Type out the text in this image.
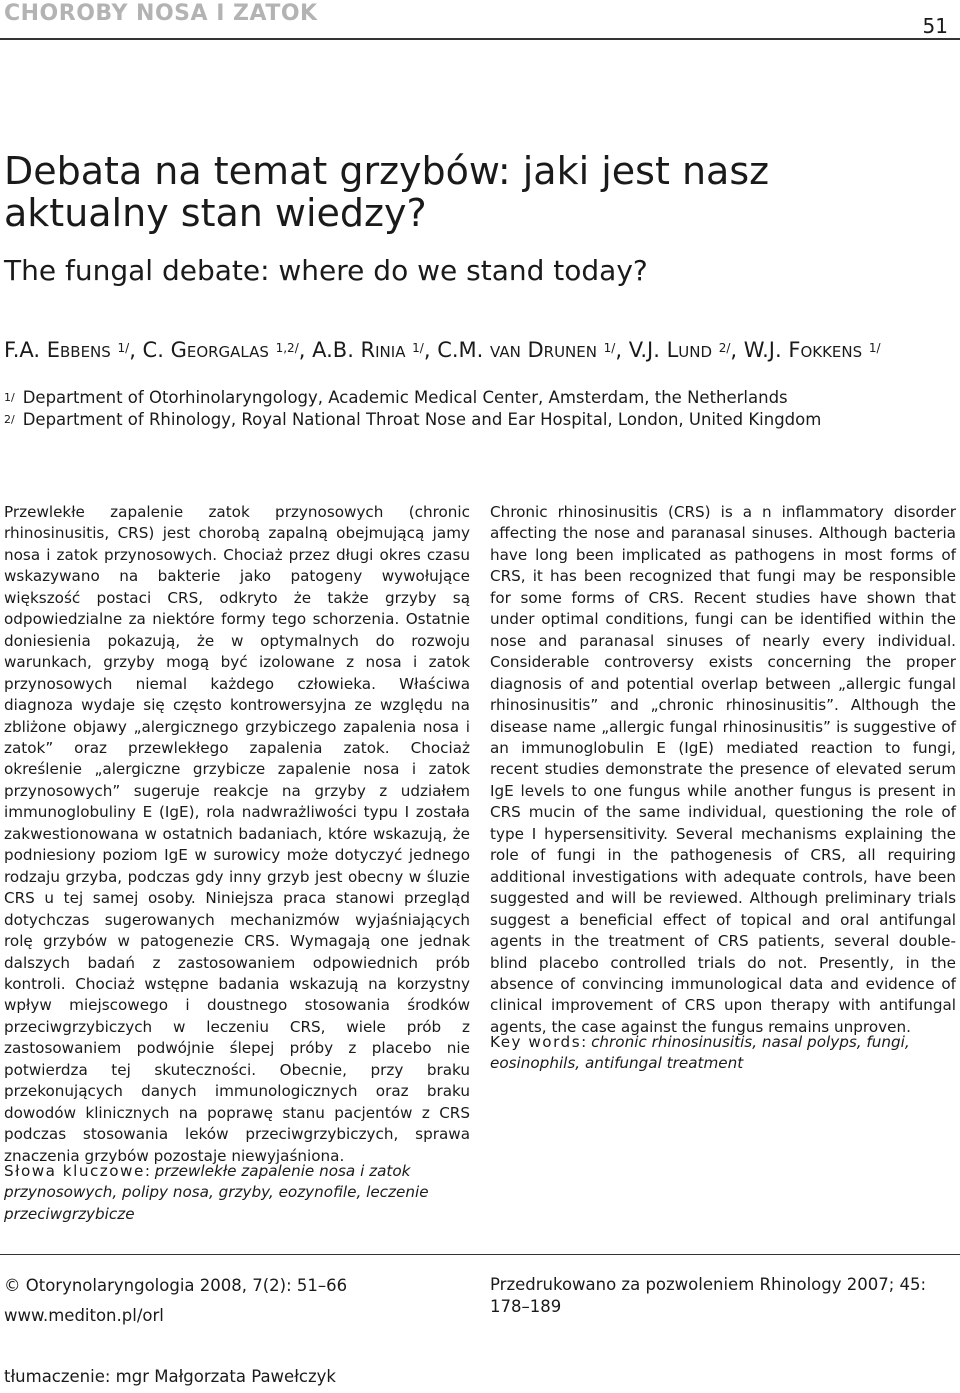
CHOROBY NOSA I ZATOK	51
Debata na temat grzybów: jaki jest nasz aktualny stan wiedzy?
The fungal debate: where do we stand today?
F.A. Ebbens $^{1/}$, C. Georgalas $^{1,2/}$, A.B. Rinia $^{1/}$, C.M. van Drunen $^{1/}$, V.J. Lund $^{2/}$, W.J. Fokkens $^{1/}$
$^{1/}$ Department of Otorhinolaryngology, Academic Medical Center, Amsterdam, the Netherlands
$^{2/}$ Department of Rhinology, Royal National Throat Nose and Ear Hospital, London, United Kingdom

Przewlekłe zapalenie zatok przynosowych (chronic rhinosinusitis, CRS) jest chorobą zapalną obejmującą jamy nosa i zatok przynosowych. Chociaż przez długi okres czasu wskazywano na bakterie jako patogeny wywołujące większość postaci CRS, odkryto że także grzyby są odpowiedzialne za niektóre formy tego schorzenia. Ostatnie doniesienia pokazują, że w optymalnych do rozwoju warunkach, grzyby mogą być izolowane z nosa i zatok przynosowych niemal każdego człowieka. Właściwa diagnoza wydaje się często kontrowersyjna ze względu na zbliżone objawy „alergicznego grzybiczego zapalenia nosa i zatok” oraz przewlekłego zapalenia zatok. Chociaż określenie „alergiczne grzybicze zapalenie nosa i zatok przynosowych” sugeruje reakcje na grzyby z udziałem immunoglobuliny E (IgE), rola nadwrażliwości typu I została zakwestionowana w ostatnich badaniach, które wskazują, że podniesiony poziom IgE w surowicy może dotyczyć jednego rodzaju grzyba, podczas gdy inny grzyb jest obecny w śluzie CRS u tej samej osoby. Niniejsza praca stanowi przegląd dotychczas sugerowanych mechanizmów wyjaśniających rolę grzybów w patogenezie CRS. Wymagają one jednak dalszych badań z zastosowaniem odpowiednich prób kontroli. Chociaż wstępne badania wskazują na korzystny wpływ miejscowego i doustnego stosowania środków przeciwgrzybiczych w leczeniu CRS, wiele prób z zastosowaniem podwójnie ślepej próby z placebo nie potwierdza tej skuteczności. Obecnie, przy braku przekonujących danych immunologicznych oraz braku dowodów klinicznych na poprawę stanu pacjentów z CRS podczas stosowania leków przeciwgrzybiczych, sprawa znaczenia grzybów pozostaje niewyjaśniona.

Słowa kluczowe: przewlekłe zapalenie nosa i zatok przynosowych, polipy nosa, grzyby, eozynofile, leczenie przeciwgrzybicze

Chronic rhinosinusitis (CRS) is a n inflammatory disorder affecting the nose and paranasal sinuses. Although bacteria have long been implicated as pathogens in most forms of CRS, it has been recognized that fungi may be responsible for some forms of CRS. Recent studies have shown that under optimal conditions, fungi can be identified within the nose and paranasal sinuses of nearly every individual. Considerable controversy exists concerning the proper diagnosis of and potential overlap between „allergic fungal rhinosinusitis” and „chronic rhinosinusitis”. Although the disease name „allergic fungal rhinosinusitis” is suggestive of an immunoglobulin E (IgE) mediated reaction to fungi, recent studies demonstrate the presence of elevated serum IgE levels to one fungus while another fungus is present in CRS mucin of the same individual, questioning the role of type I hypersensitivity. Several mechanisms explaining the role of fungi in the pathogenesis of CRS, all requiring additional investigations with adequate controls, have been suggested and will be reviewed. Although preliminary trials suggest a beneficial effect of topical and oral antifungal agents in the treatment of CRS patients, several double-blind placebo controlled trials do not. Presently, in the absence of convincing immunological data and evidence of clinical improvement of CRS upon therapy with antifungal agents, the case against the fungus remains unproven.

Key words: chronic rhinosinusitis, nasal polyps, fungi, eosinophils, antifungal treatment
© Otorynolaryngologia 2008, 7(2): 51–66
www.mediton.pl/orl
Przedrukowano za pozwoleniem Rhinology 2007; 45: 178–189
tłumaczenie: mgr Małgorzata Pawełczyk
